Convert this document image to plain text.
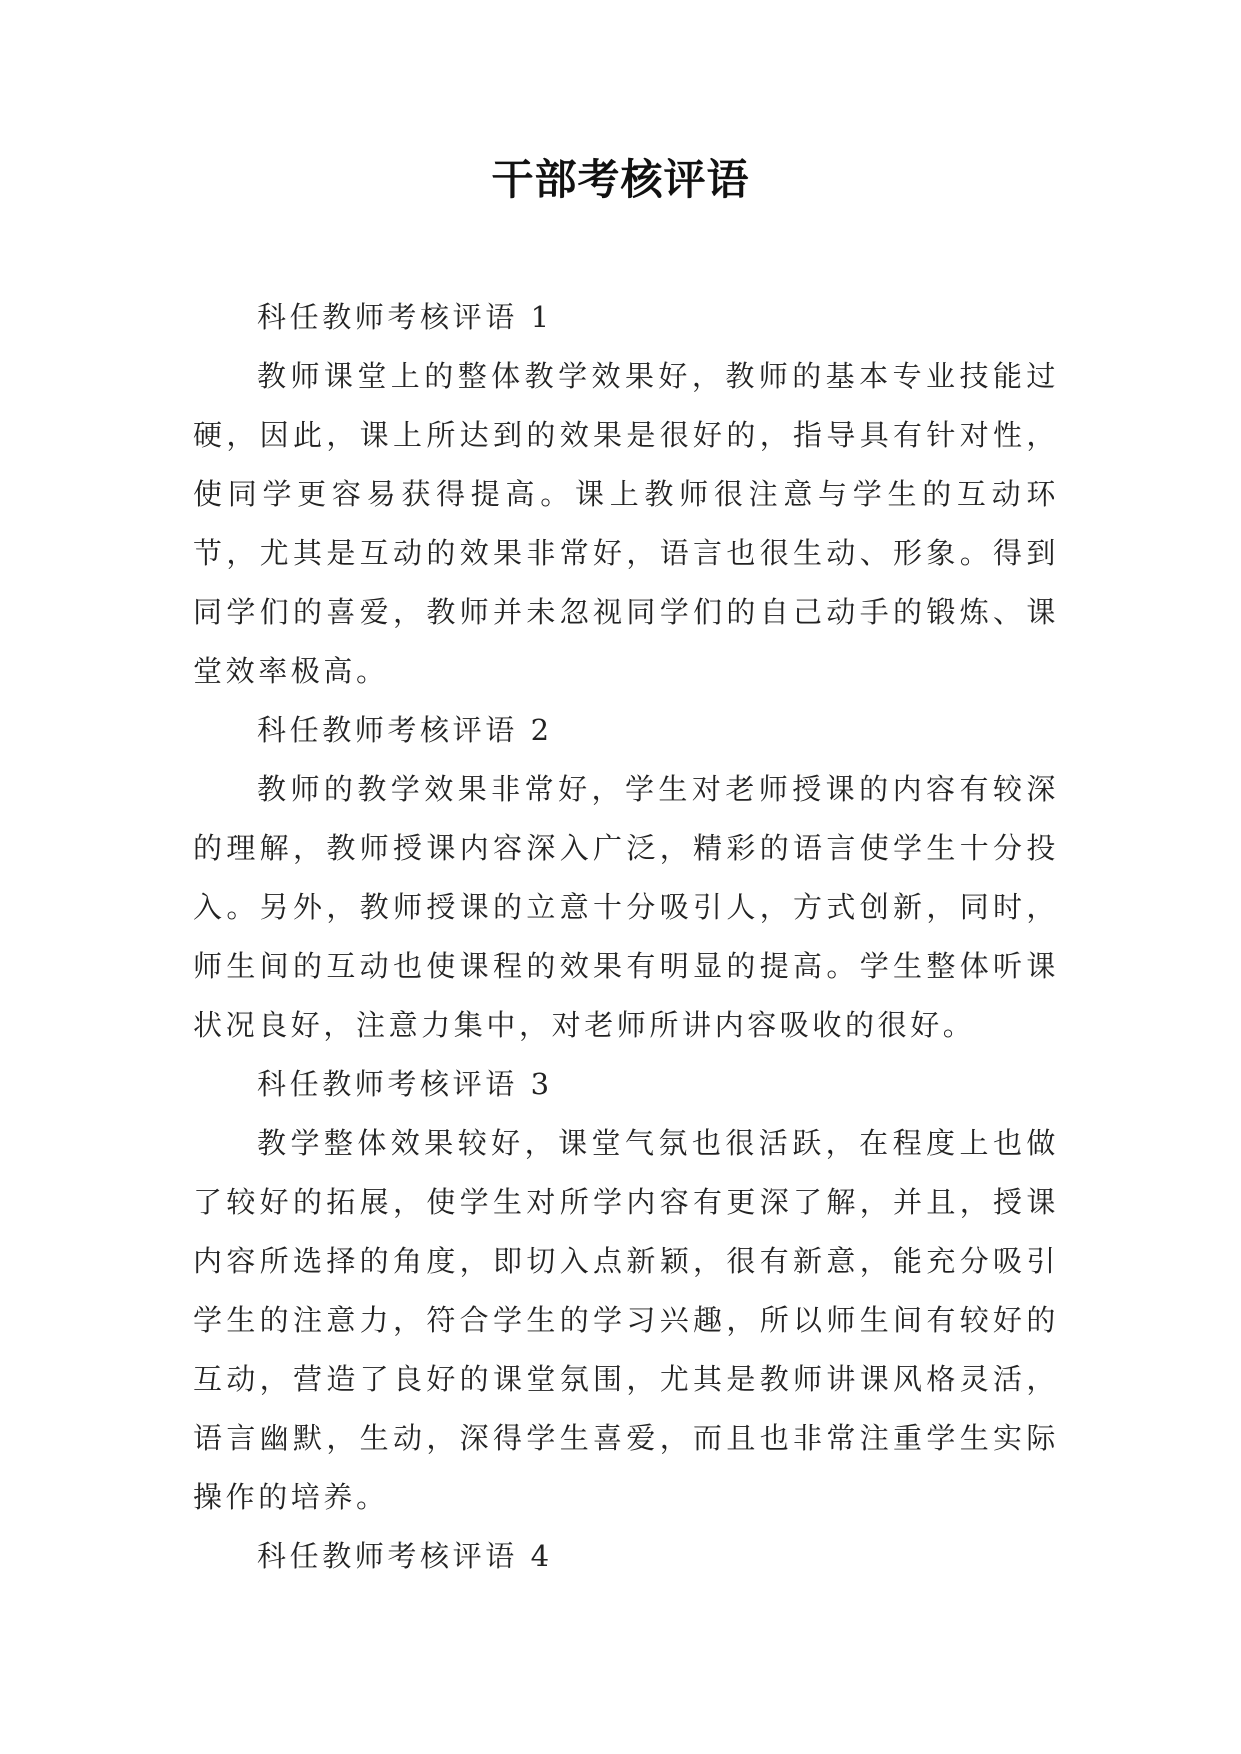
干部考核评语

科任教师考核评语 1

教师课堂上的整体教学效果好，教师的基本专业技能过硬，因此，课上所达到的效果是很好的，指导具有针对性，使同学更容易获得提高。课上教师很注意与学生的互动环节，尤其是互动的效果非常好，语言也很生动、形象。得到同学们的喜爱，教师并未忽视同学们的自己动手的锻炼、课堂效率极高。

科任教师考核评语 2

教师的教学效果非常好，学生对老师授课的内容有较深的理解，教师授课内容深入广泛，精彩的语言使学生十分投入。另外，教师授课的立意十分吸引人，方式创新，同时，师生间的互动也使课程的效果有明显的提高。学生整体听课状况良好，注意力集中，对老师所讲内容吸收的很好。

科任教师考核评语 3

教学整体效果较好，课堂气氛也很活跃，在程度上也做了较好的拓展，使学生对所学内容有更深了解，并且，授课内容所选择的角度，即切入点新颖，很有新意，能充分吸引学生的注意力，符合学生的学习兴趣，所以师生间有较好的互动，营造了良好的课堂氛围，尤其是教师讲课风格灵活，语言幽默，生动，深得学生喜爱，而且也非常注重学生实际操作的培养。

科任教师考核评语 4
